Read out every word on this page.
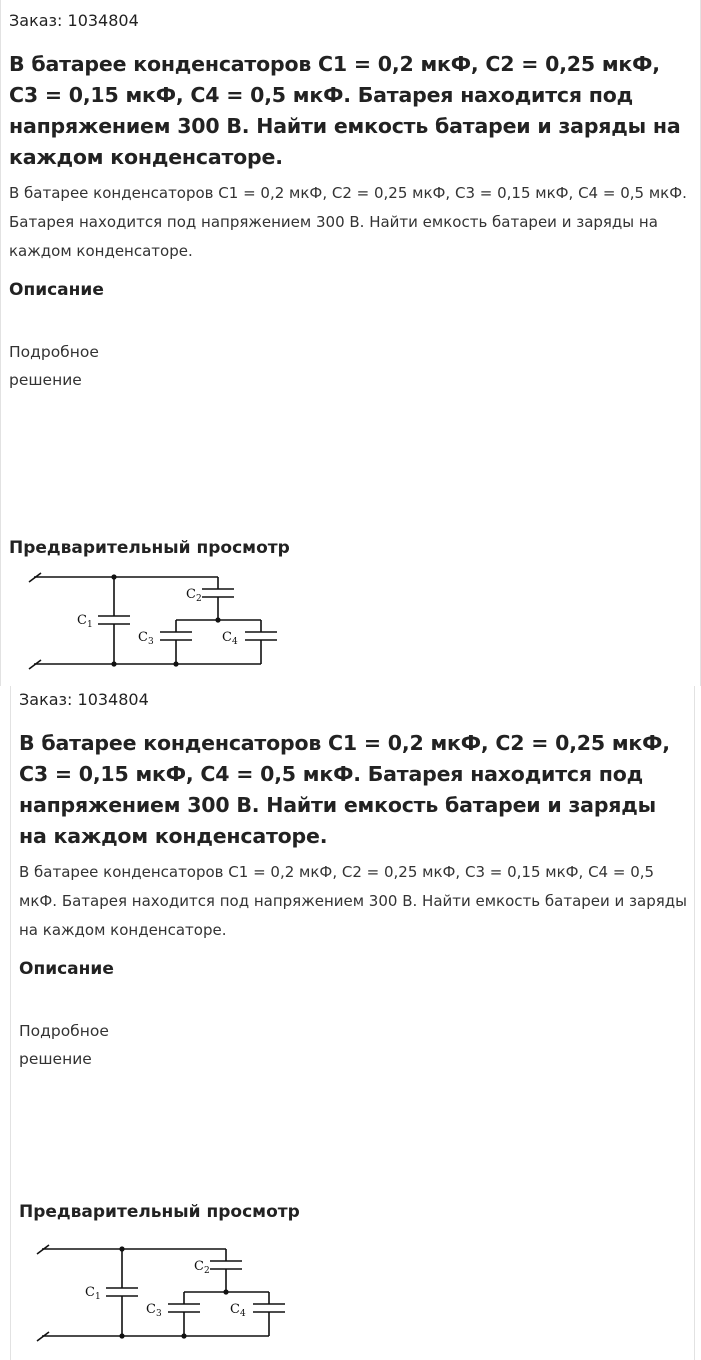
Заказ: 1034804
В батарее конденсаторов С1 = 0,2 мкФ, С2 = 0,25 мкФ, С3 = 0,15 мкФ, С4 = 0,5 мкФ. Батарея находится под напряжением 300 В. Найти емкость батареи и заряды на каждом конденсаторе.
В батарее конденсаторов С1 = 0,2 мкФ, С2 = 0,25 мкФ, С3 = 0,15 мкФ, С4 = 0,5 мкФ. Батарея находится под напряжением 300 В. Найти емкость батареи и заряды на каждом конденсаторе.
Описание
Подробное решение
Предварительный просмотр
$C_1$
$C_2$
$C_3$	$C_4$
Заказ: 1034804
В батарее конденсаторов С1 = 0,2 мкФ, С2 = 0,25 мкФ, С3 = 0,15 мкФ, С4 = 0,5 мкФ. Батарея находится под напряжением 300 В. Найти емкость батареи и заряды на каждом конденсаторе.
В батарее конденсаторов С1 = 0,2 мкФ, С2 = 0,25 мкФ, С3 = 0,15 мкФ, С4 = 0,5 мкФ. Батарея находится под напряжением 300 В. Найти емкость батареи и заряды на каждом конденсаторе.
Описание
Подробное решение
Предварительный просмотр
$C_1$
$C_2$
$C_3$	$C_4$
